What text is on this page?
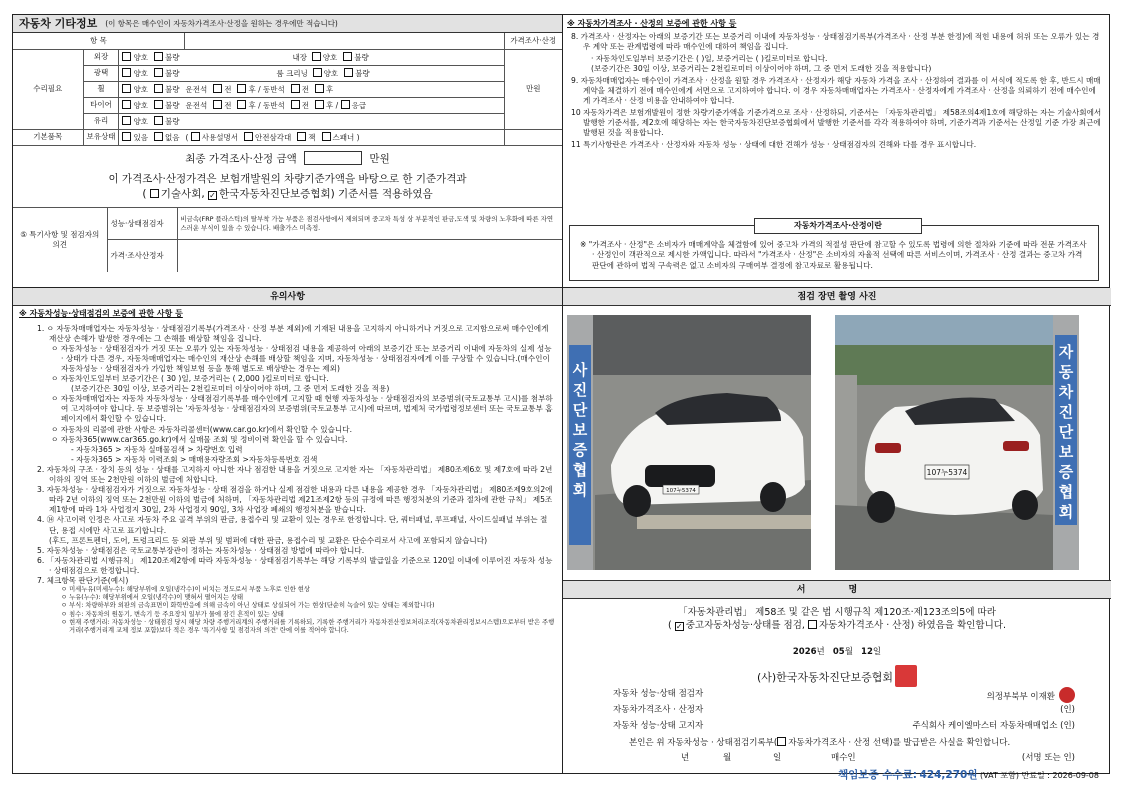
자동차 기타정보 (이 항목은 매수인이 자동차가격조사·산정을 원하는 경우에만 적습니다)
항 목					가격조사·산정
수리필요	외장	양호 불량		내장 양호 불량	만원
	광택	양호 불량		룸 크리닝 양호 불량	
	휠	양호 불량 운전석 전 후 / 동반석 전 후			
	타이어	양호 불량 운전석 전 후 / 동반석 전 후 / 응급			
	유리	양호 불량			
기본품목	보유상태	있음 없음 ( 사용설명서 안전삼각대 잭 스패너 )			
최종 가격조사·산정 금액	만원
이 가격조사·산정가격은 보험개발원의 차량기준가액을 바탕으로 한 기준가격과
( 기술사회, ✓한국자동차진단보증협회) 기준서를 적용하였음
⑤ 특기사항 및 점검자의 의견	성능·상태점검자	비금속(FRP 플라스틱)의 탈부착 가능 부품은 점검사항에서 제외되며 중고차 특성 상 부분적인 판금,도색 및 차량의 노후화에 따른 자연스러운 부식이 있을 수 있습니다. 배출가스 미측정.
	가격·조사산정자	
※ 자동차가격조사 · 산정의 보증에 관한 사항 등
8. 가격조사 · 산정자는 아래의 보증기간 또는 보증거리 이내에 자동차성능 · 상태점검기록부(가격조사 · 산정 부분 한정)에 적힌 내용에 허위 또는 오류가 있는 경우 계약 또는 관계법령에 따라 매수인에 대하여 책임을 집니다.
· 자동차인도일부터 보증기간은 ( )일, 보증거리는 ( )킬로미터로 합니다.
(보증기간은 30일 이상, 보증거리는 2천킬로미터 이상이어야 하며, 그 중 먼저 도래한 것을 적용합니다)
9. 자동차매매업자는 매수인이 가격조사 · 산정을 원할 경우 가격조사 · 산정자가 해당 자동차 가격을 조사 · 산정하여 결과를 이 서식에 적도록 한 후, 반드시 매매계약을 체결하기 전에 매수인에게 서면으로 고지하여야 합니다. 이 경우 자동차매매업자는 가격조사 · 산정자에게 가격조사 · 산정을 의뢰하기 전에 매수인에게 가격조사 · 산정 비용을 안내하여야 합니다.
10 자동차가격은 보험개발원이 정한 차량기준가액을 기준가격으로 조사 · 산정하되, 기준서는 「자동차관리법」 제58조의4제1호에 해당하는 자는 기술사회에서 발행한 기준서를, 제2호에 해당하는 자는 한국자동차진단보증협회에서 발행한 기준서를 각각 적용하여야 하며, 기준가격과 기준서는 산정일 기준 가장 최근에 발행된 것을 적용합니다.
11 특기사항란은 가격조사 · 산정자와 자동차 성능 · 상태에 대한 견해가 성능 · 상태점검자의 견해와 다를 경우 표시합니다.
자동차가격조사·산정이란
※ "가격조사 · 산정"은 소비자가 매매계약을 체결함에 있어 중고차 가격의 적절성 판단에 참고할 수 있도록 법령에 의한 절차와 기준에 따라 전문 가격조사 · 산정인이 객관적으로 제시한 가액입니다. 따라서 "가격조사 · 산정"은 소비자의 자율적 선택에 따른 서비스이며, 가격조사 · 산정 결과는 중고차 가격판단에 관하여 법적 구속력은 없고 소비자의 구매여부 결정에 참고자료로 활용됩니다.
유의사항
※ 자동차성능·상태점검의 보증에 관한 사항 등
1. ㅇ 자동차매매업자는 자동차성능 · 상태점검기록부(가격조사 · 산정 부분 제외)에 기재된 내용을 고지하지 아니하거나 거짓으로 고지함으로써 매수인에게 재산상 손해가 발생한 경우에는 그 손해를 배상할 책임을 집니다.
ㅇ 자동차성능 · 상태점검자가 거짓 또는 오류가 있는 자동차성능 · 상태점검 내용을 제공하여 아래의 보증기간 또는 보증거리 이내에 자동차의 실제 성능 · 상태가 다른 경우, 자동차매매업자는 매수인의 재산상 손해를 배상할 책임을 지며, 자동차성능 · 상태점검자에게 이를 구상할 수 있습니다.(매수인이 자동차성능 · 상태점검자가 가입한 책임보험 등을 통해 별도로 배상받는 경우는 제외)
ㅇ 자동차인도일부터 보증기간은 ( 30 )일, 보증거리는 ( 2,000 )킬로미터로 합니다.
(보증기간은 30일 이상, 보증거리는 2천킬로미터 이상이어야 하며, 그 중 먼저 도래한 것을 적용)
ㅇ 자동차매매업자는 자동차 자동차성능 · 상태점검기록부를 매수인에게 고지할 때 현행 자동차성능 · 상태점검자의 보증범위(국토교통부 고시)를 첨부하여 고지하여야 합니다. 동 보증범위는 '자동차성능 · 상태점검자의 보증범위(국토교통부 고시)에 따르며, 법제처 국가법령정보센터 또는 국토교통부 홈페이지에서 확인할 수 있습니다.
ㅇ 자동차의 리콜에 관한 사항은 자동차리콜센터(www.car.go.kr)에서 확인할 수 있습니다.
ㅇ 자동차365(www.car365.go.kr)에서 실매물 조회 및 정비이력 확인을 할 수 있습니다.
- 자동차365 > 자동차 실매물검색 > 차량번호 입력
- 자동차365 > 자동차 이력조회 > 매매용자량조회 >자동차등록번호 검색
2. 자동차의 구조 · 장치 등의 성능 · 상태를 고지하지 아니한 자나 점검한 내용을 거짓으로 고지한 자는 「자동차관리법」 제80조제6호 및 제7호에 따라 2년 이하의 징역 또는 2천만원 이하의 벌금에 처합니다.
3. 자동차성능 · 상태점검자가 거짓으로 자동차성능 · 상태 점검을 하거나 실제 점검한 내용과 다른 내용을 제공한 경우 「자동차관리법」 제80조제9호의2에 따라 2년 이하의 징역 또는 2천만원 이하의 벌금에 처하며, 「자동차관리법 제21조제2항 등의 규정에 따른 행정처분의 기준과 절차에 관한 규칙」 제5조제1항에 따라 1차 사업정지 30일, 2차 사업정지 90일, 3차 사업장 폐쇄의 행정처분을 받습니다.
4. ⑭ 사고이력 인정은 사고로 자동차 주요 골격 부위의 판금, 용접수리 및 교환이 있는 경우로 한정합니다. 단, 쿼터패널, 루프패널, 사이드실패널 부위는 절단, 용접 시에만 사고로 표기합니다.
(후드, 프론트펜더, 도어, 트렁크리드 등 외판 부위 및 범퍼에 대한 판금, 용접수리 및 교환은 단순수리로서 사고에 포함되지 않습니다)
5. 자동차성능 · 상태점검은 국토교통부장관이 정하는 자동차성능 · 상태점검 방법에 따라야 합니다.
6. 「자동차관리법 시행규칙」 제120조제2항에 따라 자동차성능 · 상태점검기록부는 해당 기록부의 발급일을 기준으로 120일 이내에 이루어진 자동차 성능 · 상태점검으로 한정합니다.
7. 체크항목 판단기준(예시)
ㅇ 미세누유(미세누수): 해당부위에 오일(냉각수)이 비치는 정도로서 부품 노후로 인한 현상
ㅇ 누유(누수): 해당부위에서 오일(냉각수)이 맺혀서 떨어지는 상태
ㅇ 부식: 차량하부와 외판의 금속표면이 화학반응에 의해 금속이 아닌 상태로 상실되어 가는 현상(단순히 녹슬어 있는 상태는 제외합니다)
ㅇ 침수: 자동차의 원동기, 변속기 등 주요장치 일부가 물에 잠긴 흔적이 있는 상태
ㅇ 현재 주행거리: 자동차성능 · 상태점검 당시 해당 차량 주행거리계의 주행거리를 기록하되, 기록한 주행거리가 자동차전산정보처리조직(자동차관리정보시스템)으로부터 받은 주행거리(주행거리계 교체 정보 포함)보다 적은 경우 '특기사항 및 점검자의 의견' 란에 이를 적어야 합니다.
점검 장면 촬영 사진
사
진
단
보
증
협
회	107누5374
자
동
차
진
단
보
증
협
회
107누5374
서 명
「자동차관리법」 제58조 및 같은 법 시행규칙 제120조·제123조의5에 따라
( ✓중고자동차성능·상태를 점검, 자동차가격조사 · 산정) 하였음을 확인합니다.
2026년 05월 12일
(사)한국자동차진단보증협회
자동차 성능·상태 점검자	의정부북부 이재환
자동차가격조사 · 산정자	(인)
자동차 성능·상태 고지자	주식회사 케이엘마스터 자동차매매업소 (인)
본인은 위 자동차성능 · 상태점검기록부( 자동차가격조사 · 산정 선택)를 발급받은 사실을 확인합니다.
년	월	일	매수인	(서명 또는 인)
책임보증 수수료: 424,270원 (VAT 포함) 만료일 : 2026-09-08
